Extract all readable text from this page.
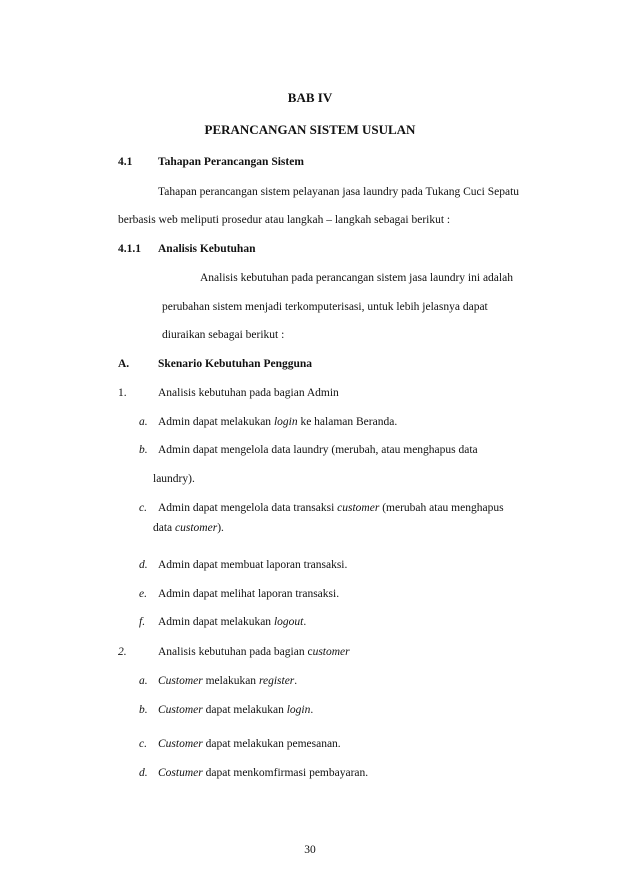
BAB IV
PERANCANGAN SISTEM USULAN
4.1 Tahapan Perancangan Sistem
Tahapan perancangan sistem pelayanan jasa laundry pada Tukang Cuci Sepatu
berbasis web meliputi prosedur atau langkah – langkah sebagai berikut :
4.1.1 Analisis Kebutuhan
Analisis kebutuhan pada perancangan sistem jasa laundry ini adalah
perubahan sistem menjadi terkomputerisasi, untuk lebih jelasnya dapat
diuraikan sebagai berikut :
A.	Skenario Kebutuhan Pengguna
1.	Analisis kebutuhan pada bagian Admin
a. Admin dapat melakukan login ke halaman Beranda.
b. Admin dapat mengelola data laundry (merubah, atau menghapus data
laundry).
c. Admin dapat mengelola data transaksi customer (merubah atau menghapus
data customer).
d. Admin dapat membuat laporan transaksi.
e. Admin dapat melihat laporan transaksi.
f. Admin dapat melakukan logout.
2.	Analisis kebutuhan pada bagian customer
a. Customer melakukan register.
b. Customer dapat melakukan login.
c. Customer dapat melakukan pemesanan.
d. Costumer dapat menkomfirmasi pembayaran.
30
